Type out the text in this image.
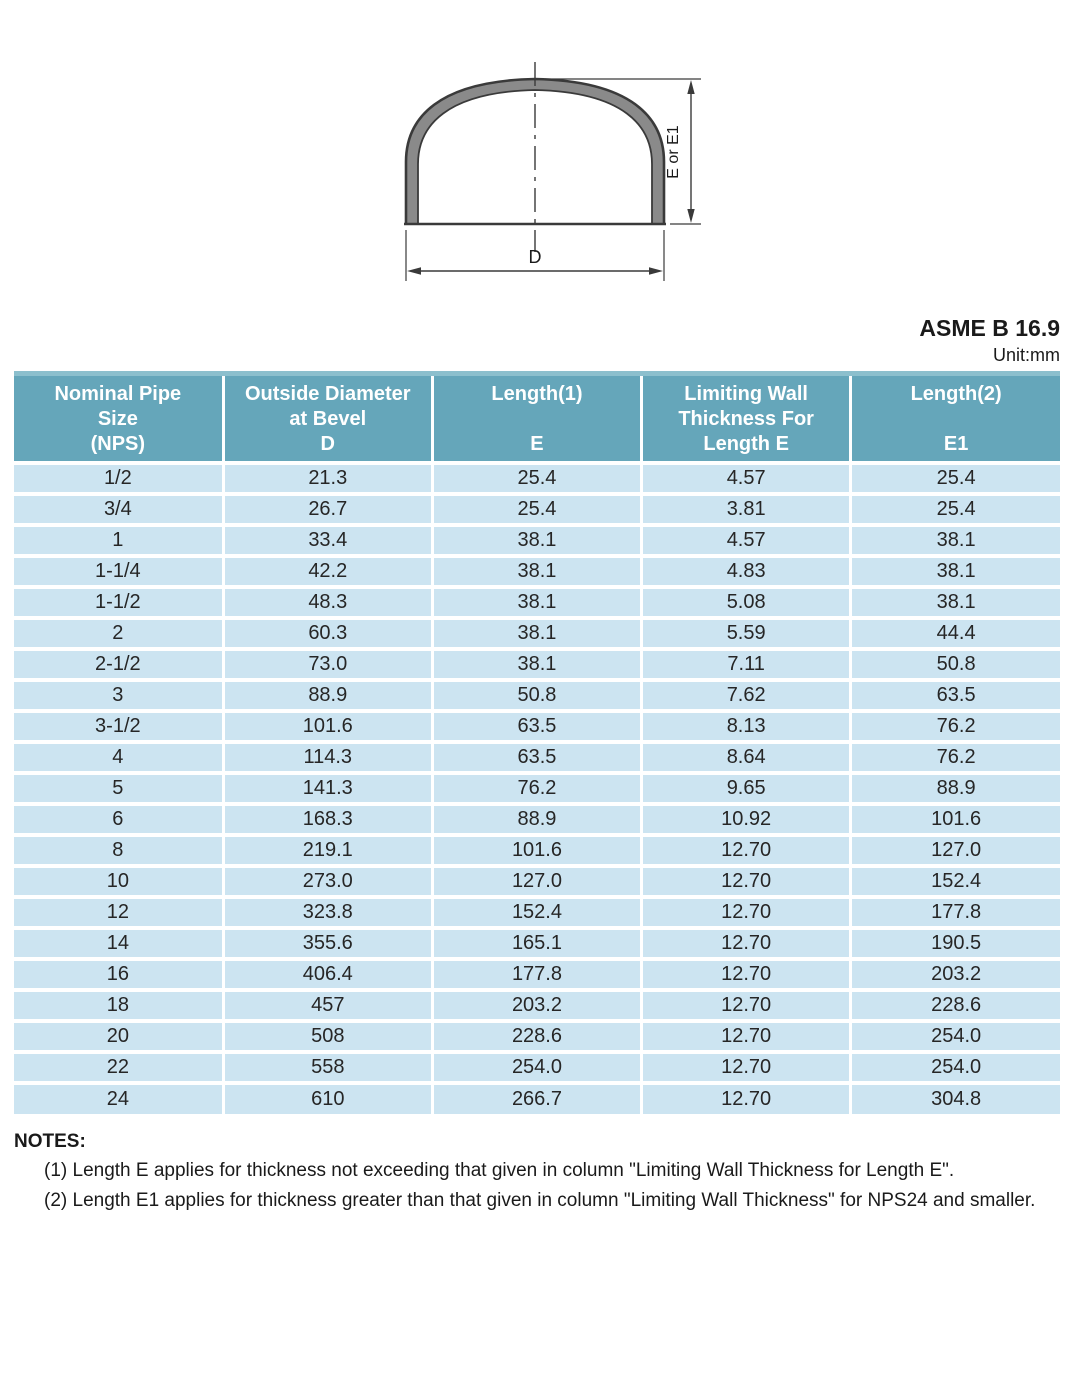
E or E1
D
ASME B 16.9
Unit:mm
Nominal Pipe
Size
(NPS)

Outside Diameter
at Bevel
D

Length(1)
E

Limiting Wall
Thickness For
Length E

Length(2)
E1

1/2	21.3	25.4	4.57	25.4
3/4	26.7	25.4	3.81	25.4
1	33.4	38.1	4.57	38.1
1-1/4	42.2	38.1	4.83	38.1
1-1/2	48.3	38.1	5.08	38.1
2	60.3	38.1	5.59	44.4
2-1/2	73.0	38.1	7.11	50.8
3	88.9	50.8	7.62	63.5
3-1/2	101.6	63.5	8.13	76.2
4	114.3	63.5	8.64	76.2
5	141.3	76.2	9.65	88.9
6	168.3	88.9	10.92	101.6
8	219.1	101.6	12.70	127.0
10	273.0	127.0	12.70	152.4
12	323.8	152.4	12.70	177.8
14	355.6	165.1	12.70	190.5
16	406.4	177.8	12.70	203.2
18	457	203.2	12.70	228.6
20	508	228.6	12.70	254.0
22	558	254.0	12.70	254.0
24	610	266.7	12.70	304.8
NOTES:
(1) Length E applies for thickness not exceeding that given in column "Limiting Wall Thickness for Length E".
(2) Length E1 applies for thickness greater than that given in column "Limiting Wall Thickness" for NPS24 and smaller.
